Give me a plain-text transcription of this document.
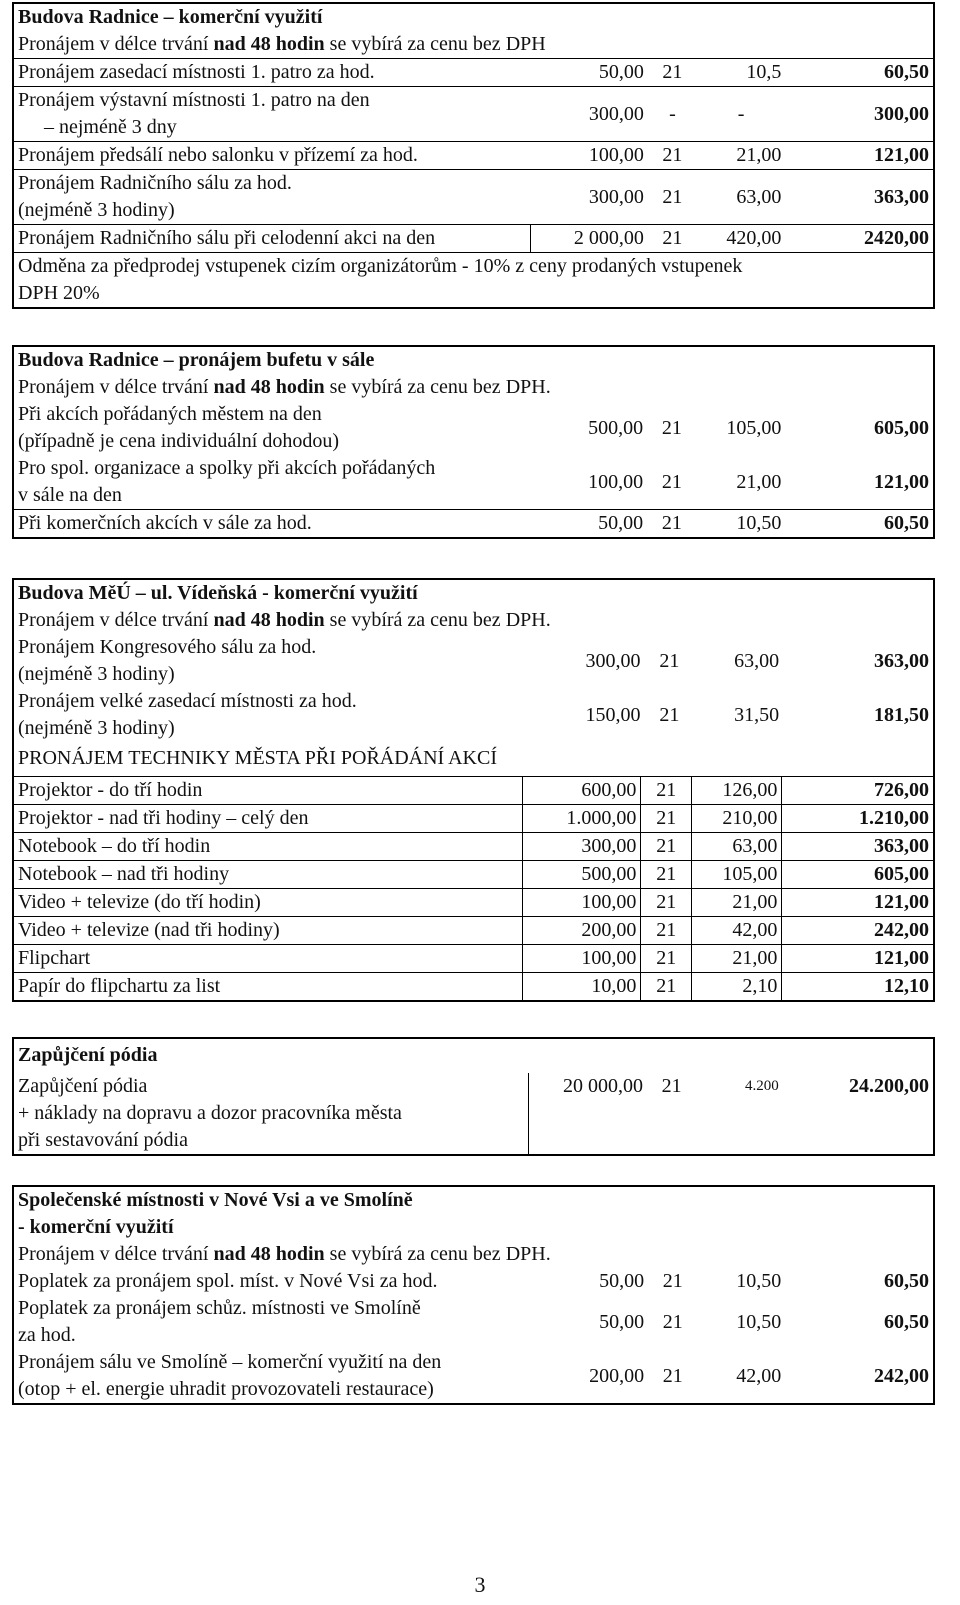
Budova Radnice – komerční využití
Pronájem v délce trvání nad 48 hodin se vybírá za cenu bez DPH
Pronájem zasedací místnosti 1. patro za hod.	50,00	21	10,5	60,50

Pronájem výstavní místnosti 1. patro na den
– nejméně 3 dny	300,00	-	-	300,00
Pronájem předsálí nebo salonku v přízemí za hod.	100,00	21	21,00	121,00

Pronájem Radničního sálu za hod.
(nejméně 3 hodiny)	300,00	21	63,00	363,00
Pronájem Radničního sálu při celodenní akci na den	2 000,00	21	420,00	2420,00
Odměna za předprodej vstupenek cizím organizátorům - 10% z ceny prodaných vstupenek
DPH 20%
Budova Radnice – pronájem bufetu v sále
Pronájem v délce trvání nad 48 hodin se vybírá za cenu bez DPH.
Při akcích pořádaných městem na den
(případně je cena individuální dohodou)	500,00	21	105,00	605,00

Pro spol. organizace a spolky při akcích pořádaných
v sále na den	100,00	21	21,00	121,00
Při komerčních akcích v sále za hod.	50,00	21	10,50	60,50
Budova MěÚ – ul. Vídeňská - komerční využití
Pronájem v délce trvání nad 48 hodin se vybírá za cenu bez DPH.
Pronájem Kongresového sálu za hod.
(nejméně 3 hodiny)	300,00	21	63,00	363,00

Pronájem velké zasedací místnosti za hod.
(nejméně 3 hodiny)	150,00	21	31,50	181,50
PRONÁJEM TECHNIKY MĚSTA PŘI POŘÁDÁNÍ AKCÍ
Projektor - do tří hodin	600,00	21	126,00	726,00
Projektor - nad tři hodiny – celý den	1.000,00	21	210,00	1.210,00
Notebook – do tří hodin	300,00	21	63,00	363,00
Notebook – nad tři hodiny	500,00	21	105,00	605,00
Video + televize (do tří hodin)	100,00	21	21,00	121,00
Video + televize (nad tři hodiny)	200,00	21	42,00	242,00
Flipchart	100,00	21	21,00	121,00
Papír do flipchartu za list	10,00	21	2,10	12,10
Zapůjčení pódia
Zapůjčení pódia
+ náklady na dopravu a dozor pracovníka města
při sestavování pódia
	20 000,00	21	4.200	24.200,00
Společenské místnosti v Nové Vsi a ve Smolíně
- komerční využití
Pronájem v délce trvání nad 48 hodin se vybírá za cenu bez DPH.
Poplatek za pronájem spol. míst. v Nové Vsi za hod.	50,00	21	10,50	60,50

Poplatek za pronájem schůz. místnosti ve Smolíně
za hod.	50,00	21	10,50	60,50

Pronájem sálu ve Smolíně – komerční využití na den
(otop + el. energie uhradit provozovateli restaurace)	200,00	21	42,00	242,00
3
